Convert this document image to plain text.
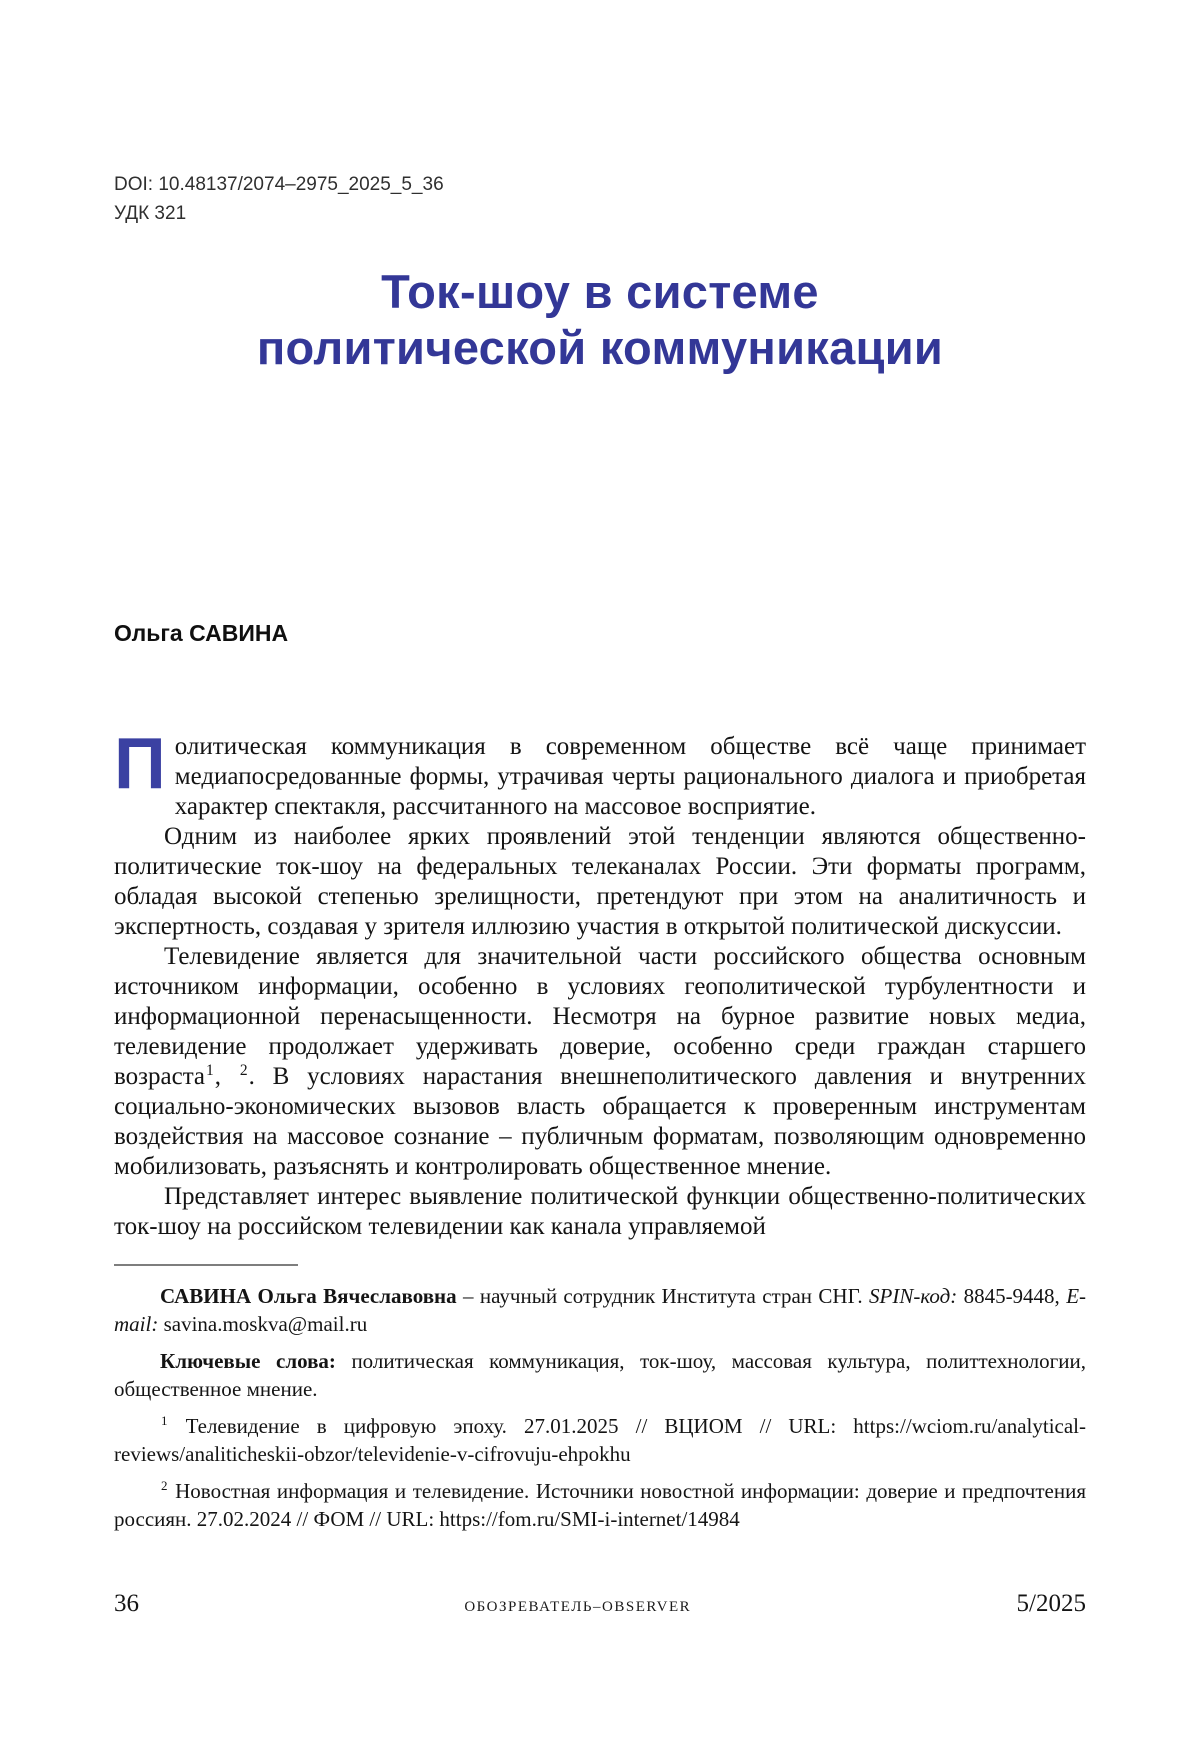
DOI: 10.48137/2074–2975_2025_5_36
УДК 321
Ток-шоу в системе
политической коммуникации
Ольга САВИНА

Политическая коммуникация в современном обществе всё чаще принимает медиапосредованные формы, утрачивая черты рационального диалога и приобретая характер спектакля, рассчитанного на массовое восприятие.

Одним из наиболее ярких проявлений этой тенденции являются общественно-политические ток-шоу на федеральных телеканалах России. Эти форматы программ, обладая высокой степенью зрелищности, претендуют при этом на аналитичность и экспертность, создавая у зрителя иллюзию участия в открытой политической дискуссии.

Телевидение является для значительной части российского общества основным источником информации, особенно в условиях геополитической турбулентности и информационной перенасыщенности. Несмотря на бурное развитие новых медиа, телевидение продолжает удерживать доверие, особенно среди граждан старшего возраста$^1$, $^2$. В условиях нарастания внешнеполитического давления и внутренних социально-экономических вызовов власть обращается к проверенным инструментам воздействия на массовое сознание – публичным форматам, позволяющим одновременно мобилизовать, разъяснять и контролировать общественное мнение.

Представляет интерес выявление политической функции общественно-политических ток-шоу на российском телевидении как канала управляемой

САВИНА Ольга Вячеславовна – научный сотрудник Института стран СНГ. SPIN-код: 8845-9448, E-mail: savina.moskva@mail.ru

Ключевые слова: политическая коммуникация, ток-шоу, массовая культура, политтехнологии, общественное мнение.

$^1$ Телевидение в цифровую эпоху. 27.01.2025 // ВЦИОМ // URL: https://wciom.ru/analytical-reviews/analiticheskii-obzor/televidenie-v-cifrovuju-ehpokhu

$^2$ Новостная информация и телевидение. Источники новостной информации: доверие и предпочтения россиян. 27.02.2024 // ФОМ // URL: https://fom.ru/SMI-i-internet/14984

36	ОБОЗРЕВАТЕЛЬ–OBSERVER	5/2025
